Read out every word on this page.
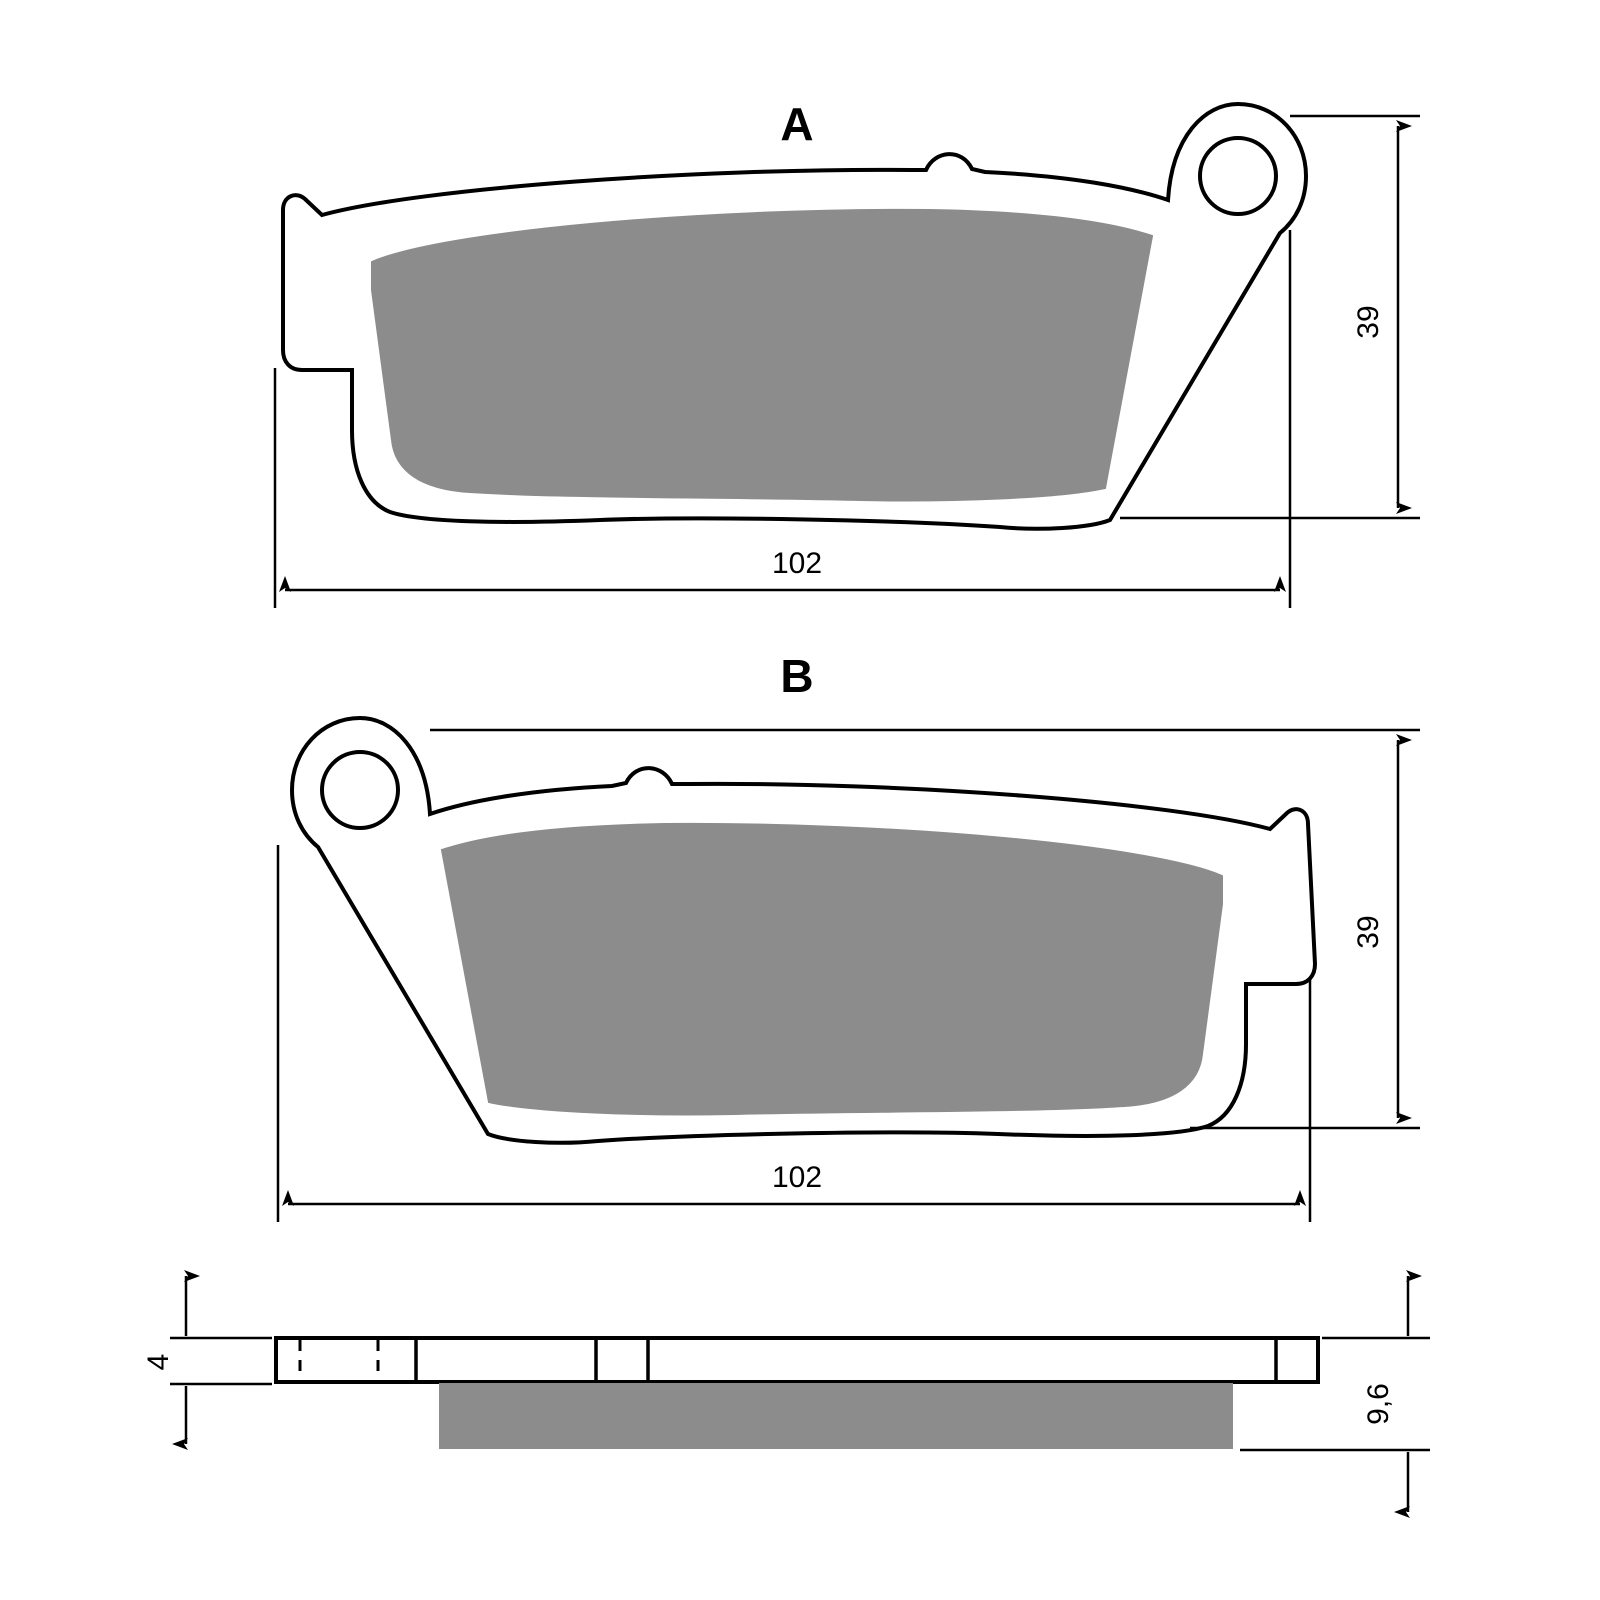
A
39
102
B
39
102
4
9,6
